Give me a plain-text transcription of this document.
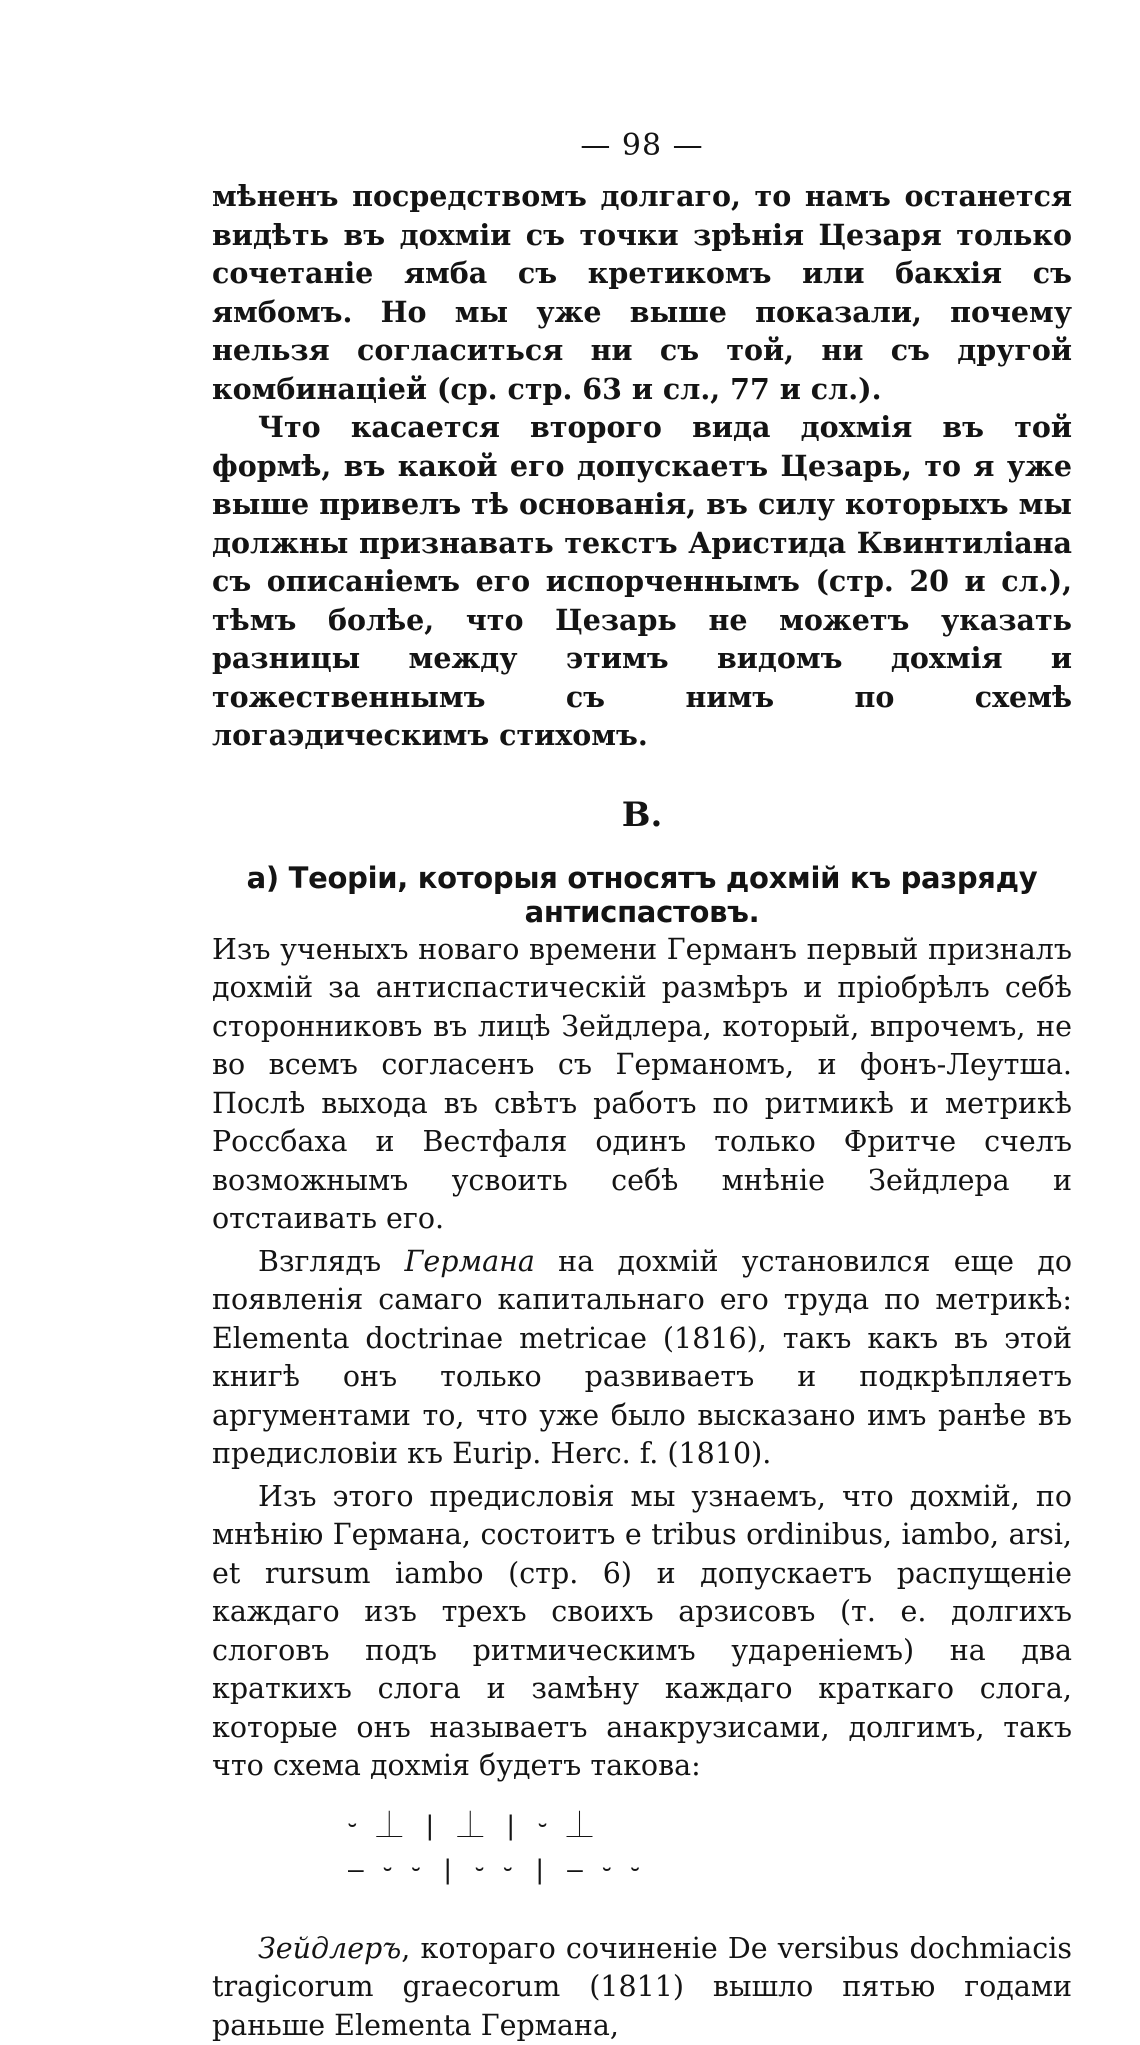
— 98 —

мѣненъ посредствомъ долгаго, то намъ останется видѣть въ дохміи съ точки зрѣнія Цезаря только сочетаніе ямба съ кретикомъ или бакхія съ ямбомъ. Но мы уже выше показали, почему нельзя согласиться ни съ той, ни съ другой комбинаціей (ср. стр. 63 и сл., 77 и сл.).

Что касается второго вида дохмія въ той формѣ, въ какой его допускаетъ Цезарь, то я уже выше привелъ тѣ основанія, въ силу которыхъ мы должны признавать текстъ Аристида Квинтиліана съ описаніемъ его испорченнымъ (стр. 20 и сл.), тѣмъ болѣе, что Цезарь не можетъ указать разницы между этимъ видомъ дохмія и тожественнымъ съ нимъ по схемѣ логаэдическимъ стихомъ.

В.
а) Теоріи, которыя относятъ дохмій къ разряду антиспастовъ.

Изъ ученыхъ новаго времени Германъ первый призналъ дохмій за антиспастическій размѣръ и пріобрѣлъ себѣ сторонниковъ въ лицѣ Зейдлера, который, впрочемъ, не во всемъ согласенъ съ Германомъ, и фонъ-Леутша. Послѣ выхода въ свѣтъ работъ по ритмикѣ и метрикѣ Россбаха и Вестфаля одинъ только Фритче счелъ возможнымъ усвоить себѣ мнѣніе Зейдлера и отстаивать его.

Взглядъ Германа на дохмій установился еще до появленія самаго капитальнаго его труда по метрикѣ: Elementa doctrinae metricae (1816), такъ какъ въ этой книгѣ онъ только развиваетъ и подкрѣпляетъ аргументами то, что уже было высказано имъ ранѣе въ предисловіи къ Eurip. Herc. f. (1810).

Изъ этого предисловія мы узнаемъ, что дохмій, по мнѣнію Германа, состоитъ e tribus ordinibus, iambo, arsi, et rursum iambo (стр. 6) и допускаетъ распущеніе каждаго изъ трехъ своихъ арзисовъ (т. е. долгихъ слоговъ подъ ритмическимъ удареніемъ) на два краткихъ слога и замѣну каждаго краткаго слога, которые онъ называетъ анакрузисами, долгимъ, такъ что схема дохмія будетъ такова:

⏑ ⏊ | ⏊ | ⏑ ⏊
‒ ⏑ ⏑ | ⏑ ⏑ | ‒ ⏑ ⏑

Зейдлеръ, котораго сочиненіе De versibus dochmiacis tragicorum graecorum (1811) вышло пятью годами раньше Elementa Германа,
